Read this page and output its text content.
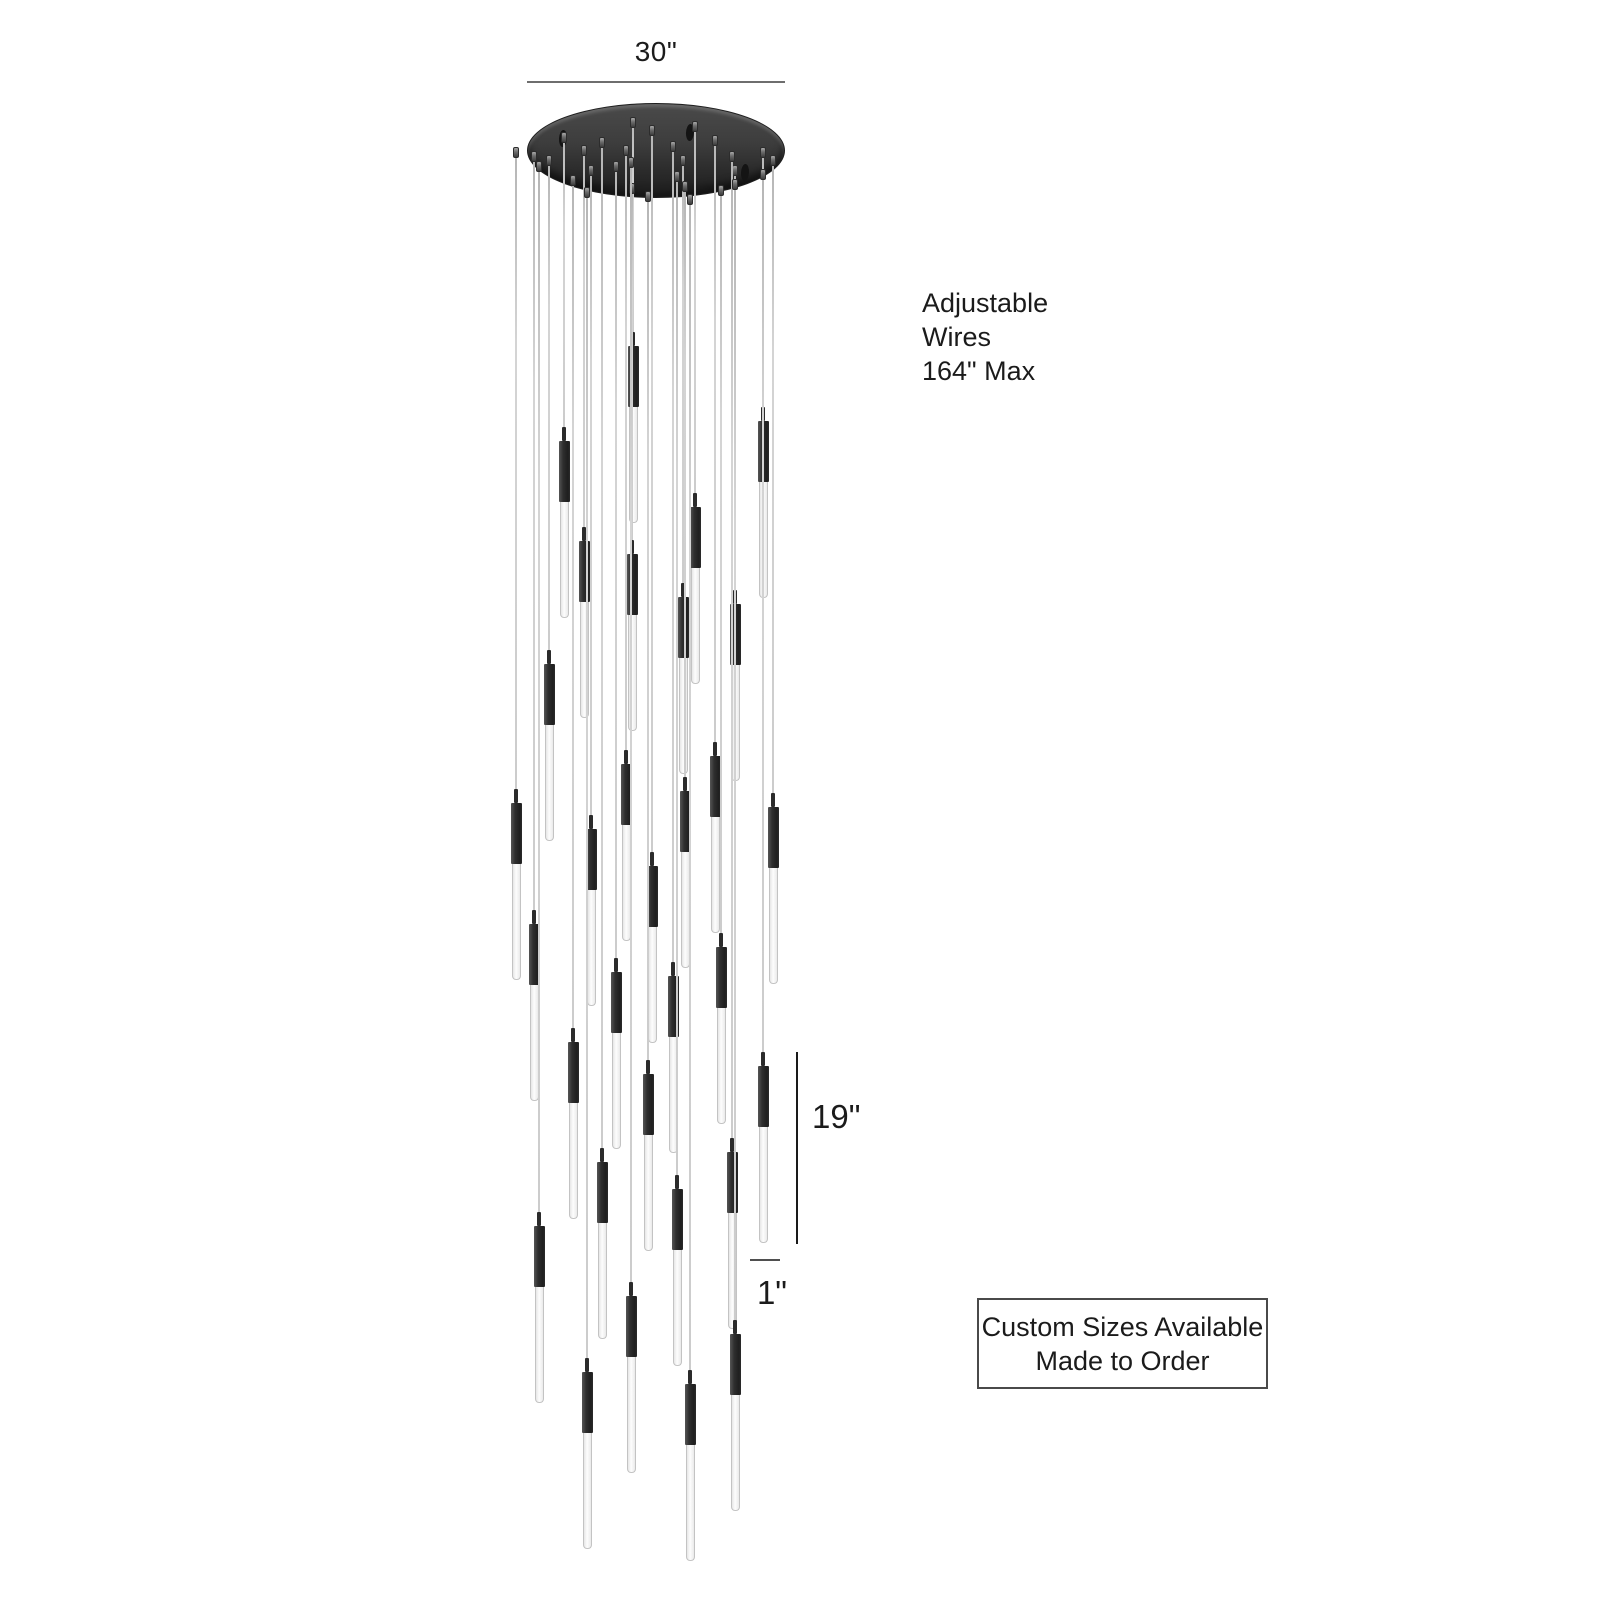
30"
Adjustable
Wires
164" Max
19"
1"
Custom Sizes Available
Made to Order
